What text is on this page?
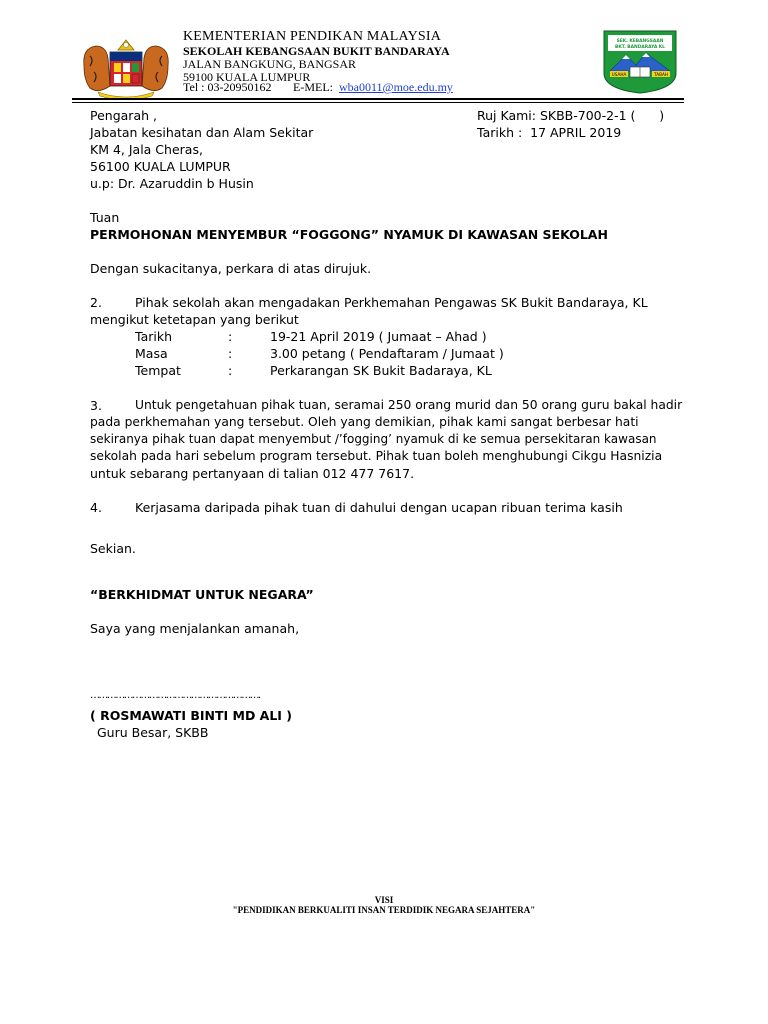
KEMENTERIAN PENDIKAN MALAYSIA
SEKOLAH KEBANGSAAN BUKIT BANDARAYA
JALAN BANGKUNG, BANGSAR
59100 KUALA LUMPUR
Tel : 03-20950162 E-MEL: wba0011@moe.edu.my
SEK. KEBANGSAAN
BKT. BANDARAYA KL
USAHA	TABAH
Pengarah ,
Jabatan kesihatan dan Alam Sekitar
KM 4, Jala Cheras,
56100 KUALA LUMPUR
u.p: Dr. Azaruddin b Husin
Ruj Kami: SKBB-700-2-1 (      )
Tarikh :  17 APRIL 2019
Tuan
PERMOHONAN MENYEMBUR “FOGGONG” NYAMUK DI KAWASAN SEKOLAH
Dengan sukacitanya, perkara di atas dirujuk.
2.	Pihak sekolah akan mengadakan Perkhemahan Pengawas SK Bukit Bandaraya, KL
mengikut ketetapan yang berikut
Tarikh	:	19-21 April 2019 ( Jumaat – Ahad )
Masa	:	3.00 petang ( Pendaftaram / Jumaat )
Tempat	:	Perkarangan SK Bukit Badaraya, KL
3.	Untuk pengetahuan pihak tuan, seramai 250 orang murid dan 50 orang guru bakal hadir
pada perkhemahan yang tersebut. Oleh yang demikian, pihak kami sangat berbesar hati
sekiranya pihak tuan dapat menyembut /’fogging’ nyamuk di ke semua persekitaran kawasan
sekolah pada hari sebelum program tersebut. Pihak tuan boleh menghubungi Cikgu Hasnizia
untuk sebarang pertanyaan di talian 012 477 7617.
4.	Kerjasama daripada pihak tuan di dahului dengan ucapan ribuan terima kasih
Sekian.
“BERKHIDMAT UNTUK NEGARA”
Saya yang menjalankan amanah,
…………………………………………………….
( ROSMAWATI BINTI MD ALI )
Guru Besar, SKBB
VISI
"PENDIDIKAN BERKUALITI INSAN TERDIDIK NEGARA SEJAHTERA"
